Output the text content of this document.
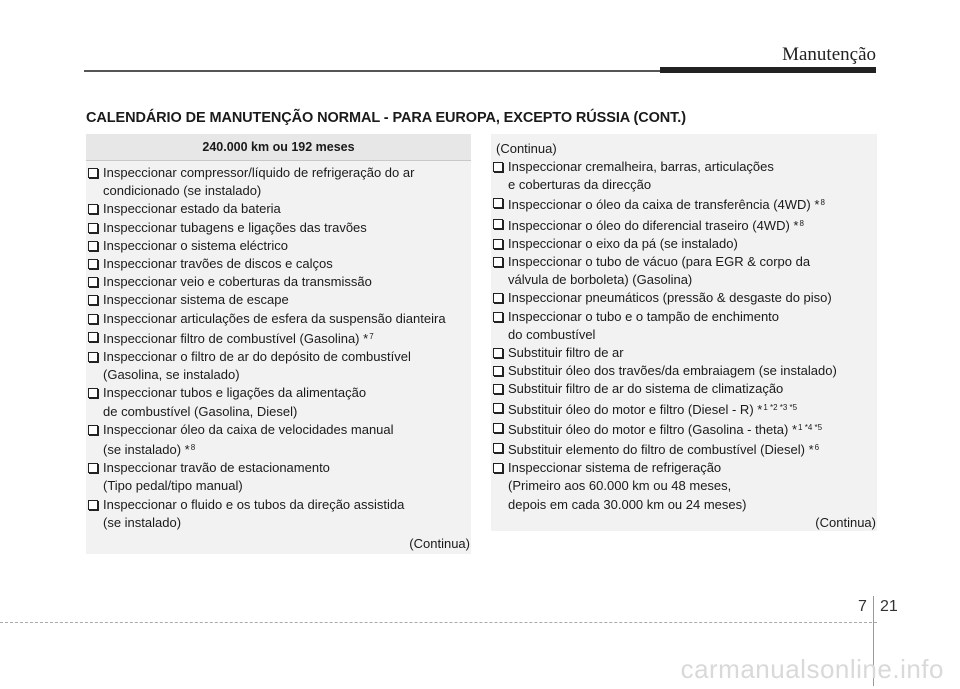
Manutenção
CALENDÁRIO DE MANUTENÇÃO NORMAL - PARA EUROPA, EXCEPTO RÚSSIA (CONT.)
240.000 km ou 192 meses
Inspeccionar compressor/líquido de refrigeração do ar
condicionado (se instalado)
Inspeccionar estado da bateria
Inspeccionar tubagens e ligações das travões
Inspeccionar o sistema eléctrico
Inspeccionar travões de discos e calços
Inspeccionar veio e coberturas da transmissão
Inspeccionar sistema de escape
Inspeccionar articulações de esfera da suspensão dianteira
Inspeccionar filtro de combustível (Gasolina) *$^7$
Inspeccionar o filtro de ar do depósito de combustível
(Gasolina, se instalado)
Inspeccionar tubos e ligações da alimentação
de combustível (Gasolina, Diesel)
Inspeccionar óleo da caixa de velocidades manual
(se instalado) *$^8$
Inspeccionar travão de estacionamento
(Tipo pedal/tipo manual)
Inspeccionar o fluido e os tubos da direção assistida
(se instalado)
(Continua)
(Continua)
Inspeccionar cremalheira, barras, articulações
e coberturas da direcção
Inspeccionar o óleo da caixa de transferência (4WD) *$^8$
Inspeccionar o óleo do diferencial traseiro (4WD) *$^8$
Inspeccionar o eixo da pá (se instalado)
Inspeccionar o tubo de vácuo (para EGR & corpo da
válvula de borboleta) (Gasolina)
Inspeccionar pneumáticos (pressão & desgaste do piso)
Inspeccionar o tubo e o tampão de enchimento
do combustível
Substituir filtro de ar
Substituir óleo dos travões/da embraiagem (se instalado)
Substituir filtro de ar do sistema de climatização
Substituir óleo do motor e filtro (Diesel - R) *$^{1 *2 *3 *5}$
Substituir óleo do motor e filtro (Gasolina - theta) *$^{1 *4 *5}$
Substituir elemento do filtro de combustível (Diesel) *$^6$
Inspeccionar sistema de refrigeração
(Primeiro aos 60.000 km ou 48 meses,
depois em cada 30.000 km ou 24 meses)
(Continua)
7 21
carmanualsonline.info
